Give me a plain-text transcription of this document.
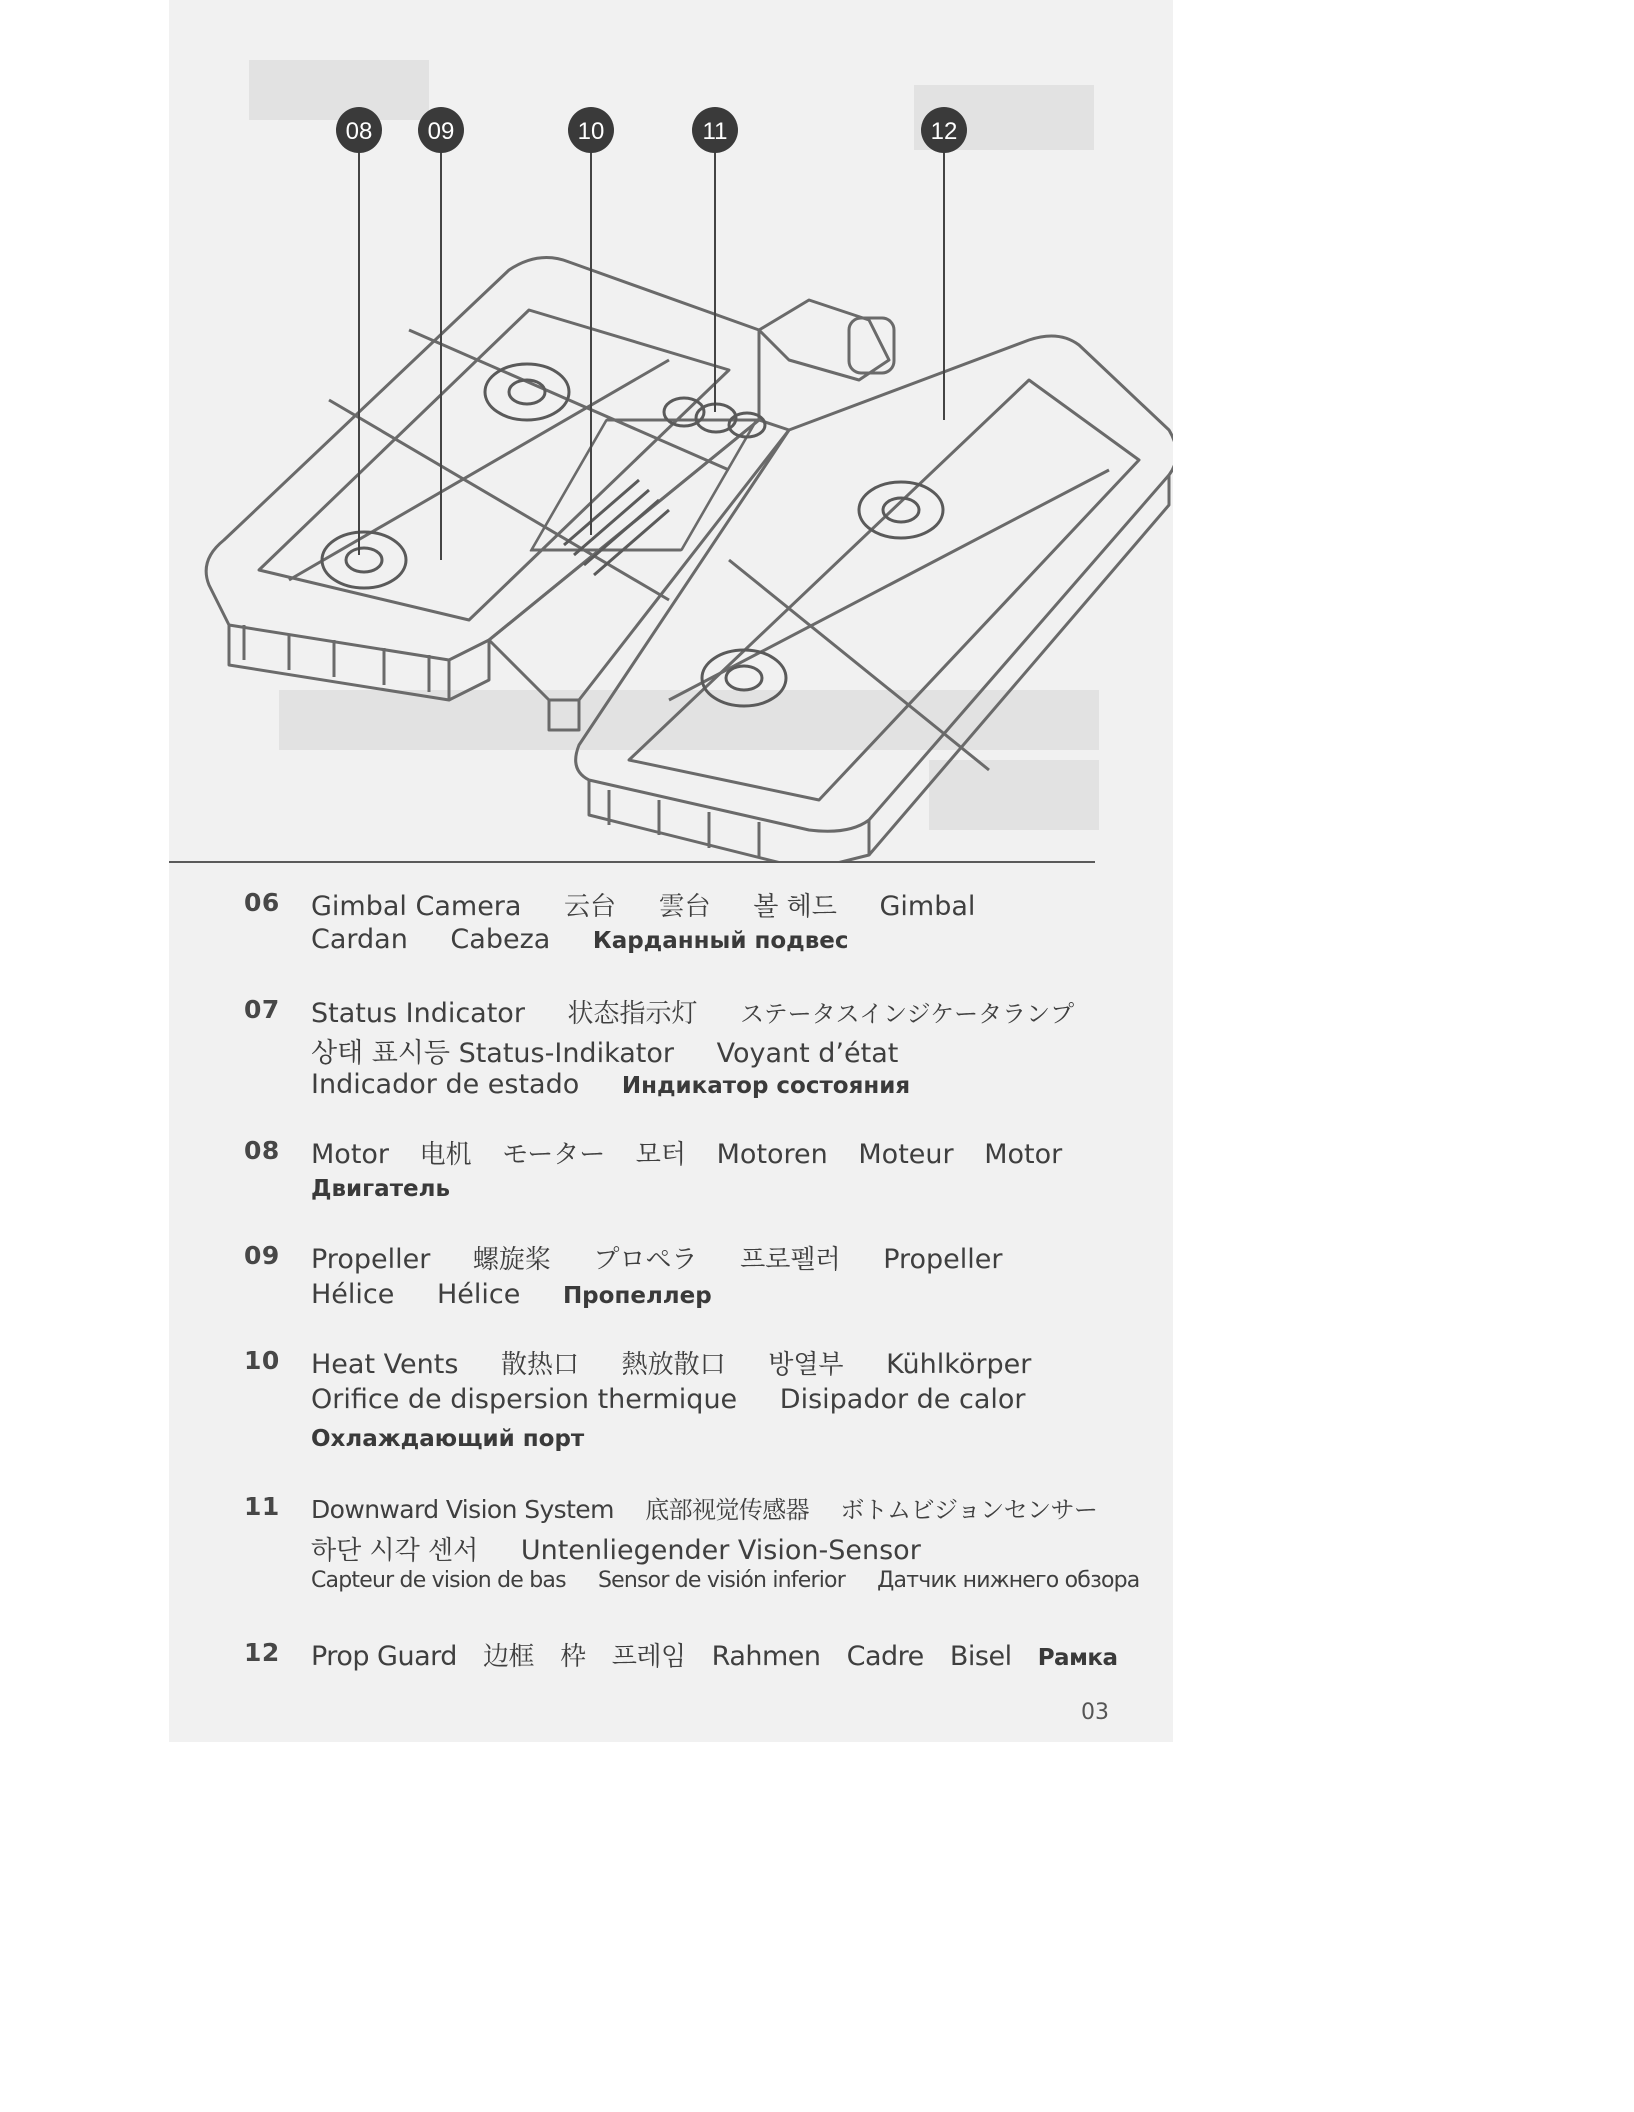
08 09	10	11	12
06 Gimbal Camera 云台 雲台 볼 헤드 Gimbal
Cardan Cabeza Карданный подвес
07 Status Indicator 状态指示灯 ステータスインジケータランプ
상태 표시등 Status-Indikator Voyant d’état
Indicador de estado Индикатор состояния
08 Motor 电机 モーター 모터 Motoren Moteur Motor
Двигатель
09 Propeller 螺旋桨 プロペラ 프로펠러 Propeller
Hélice Hélice Пропеллер
10 Heat Vents 散热口 熱放散口 방열부 Kühlkörper
Orifice de dispersion thermique Disipador de calor
Охлаждающий порт
11 Downward Vision System 底部视觉传感器 ボトムビジョンセンサー
하단 시각 센서 Untenliegender Vision-Sensor
Capteur de vision de bas Sensor de visión inferior Датчик нижнего обзора
12 Prop Guard 边框 枠 프레임 Rahmen Cadre Bisel Рамка
03
